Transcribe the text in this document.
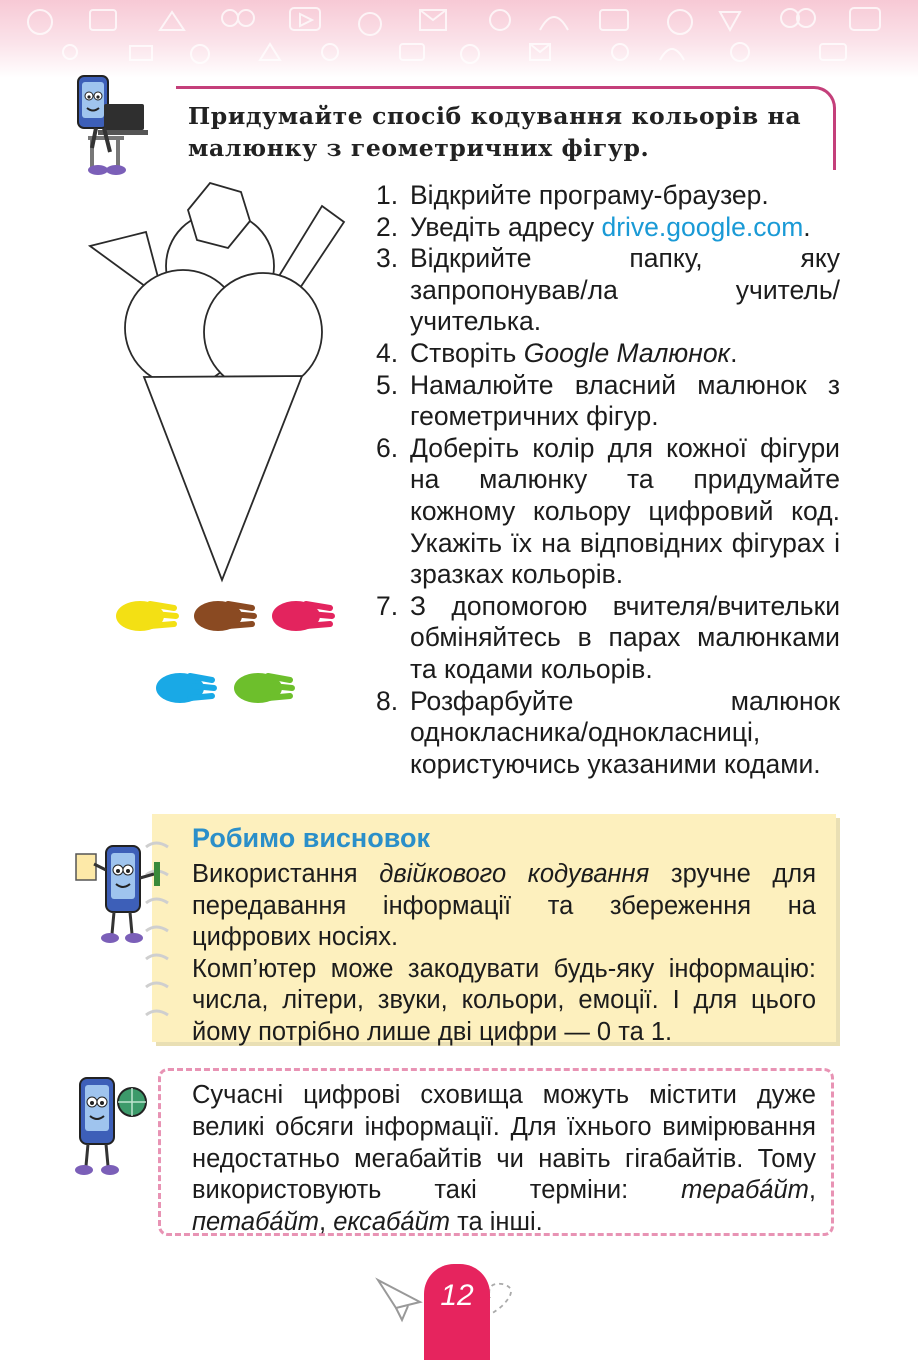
Придумайте спосіб кодування кольорів на
малюнку з геометричних фігур.
1. Відкрийте програму-браузер.
2. Уведіть адресу drive.google.com.
3. Відкрийте папку, яку запропонував/ла учитель/учителька.
4. Створіть Google Малюнок.
5. Намалюйте власний малюнок з геометричних фігур.
6. Доберіть колір для кожної фігури на малюнку та придумайте кожному кольору цифровий код. Укажіть їх на відповідних фігурах і зразках кольорів.
7. З допомогою вчителя/вчительки обміняйтесь в парах малюнками та кодами кольорів.
8. Розфарбуйте малюнок однокласника/однокласниці, користуючись указаними кодами.
Робимо висновок

Використання двійкового кодування зручне для передавання інформації та збереження на цифрових носіях.

Комп’ютер може закодувати будь-яку інформацію: числа, літери, звуки, кольори, емоції. І для цього йому потрібно лише дві цифри — 0 та 1.

Сучасні цифрові сховища можуть містити дуже великі обсяги інформації. Для їхнього вимірювання недостатньо мегабайтів чи навіть гігабайтів. Тому використовують такі терміни: терабáйт, петабáйт, ексабáйт та інші.
12
